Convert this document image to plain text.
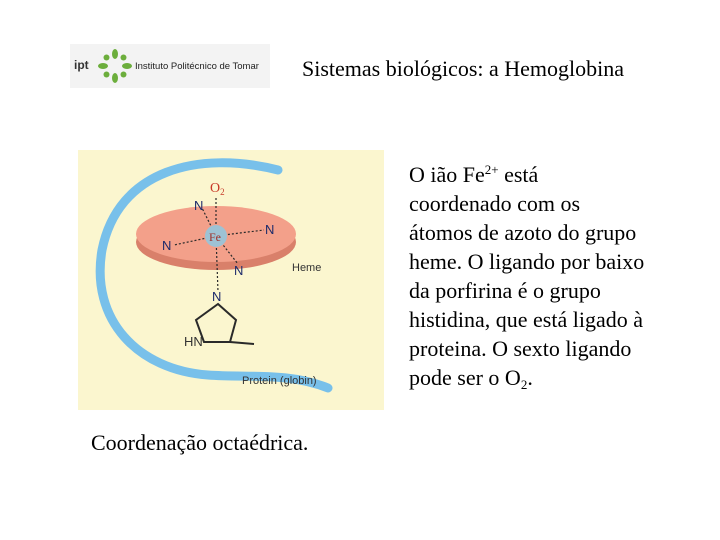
ipt	Instituto Politécnico de Tomar Sistemas biológicos: a Hemoglobina
$O_2$
Fe
N
N
N
N
N
Heme
HN
Protein (globin)
Coordenação octaédrica.
O ião $Fe^{2+}$ está
coordenado com os
átomos de azoto do grupo
heme. O ligando por baixo
da porfirina é o grupo
histidina, que está ligado à
proteina. O sexto ligando
pode ser o $O_2$.
